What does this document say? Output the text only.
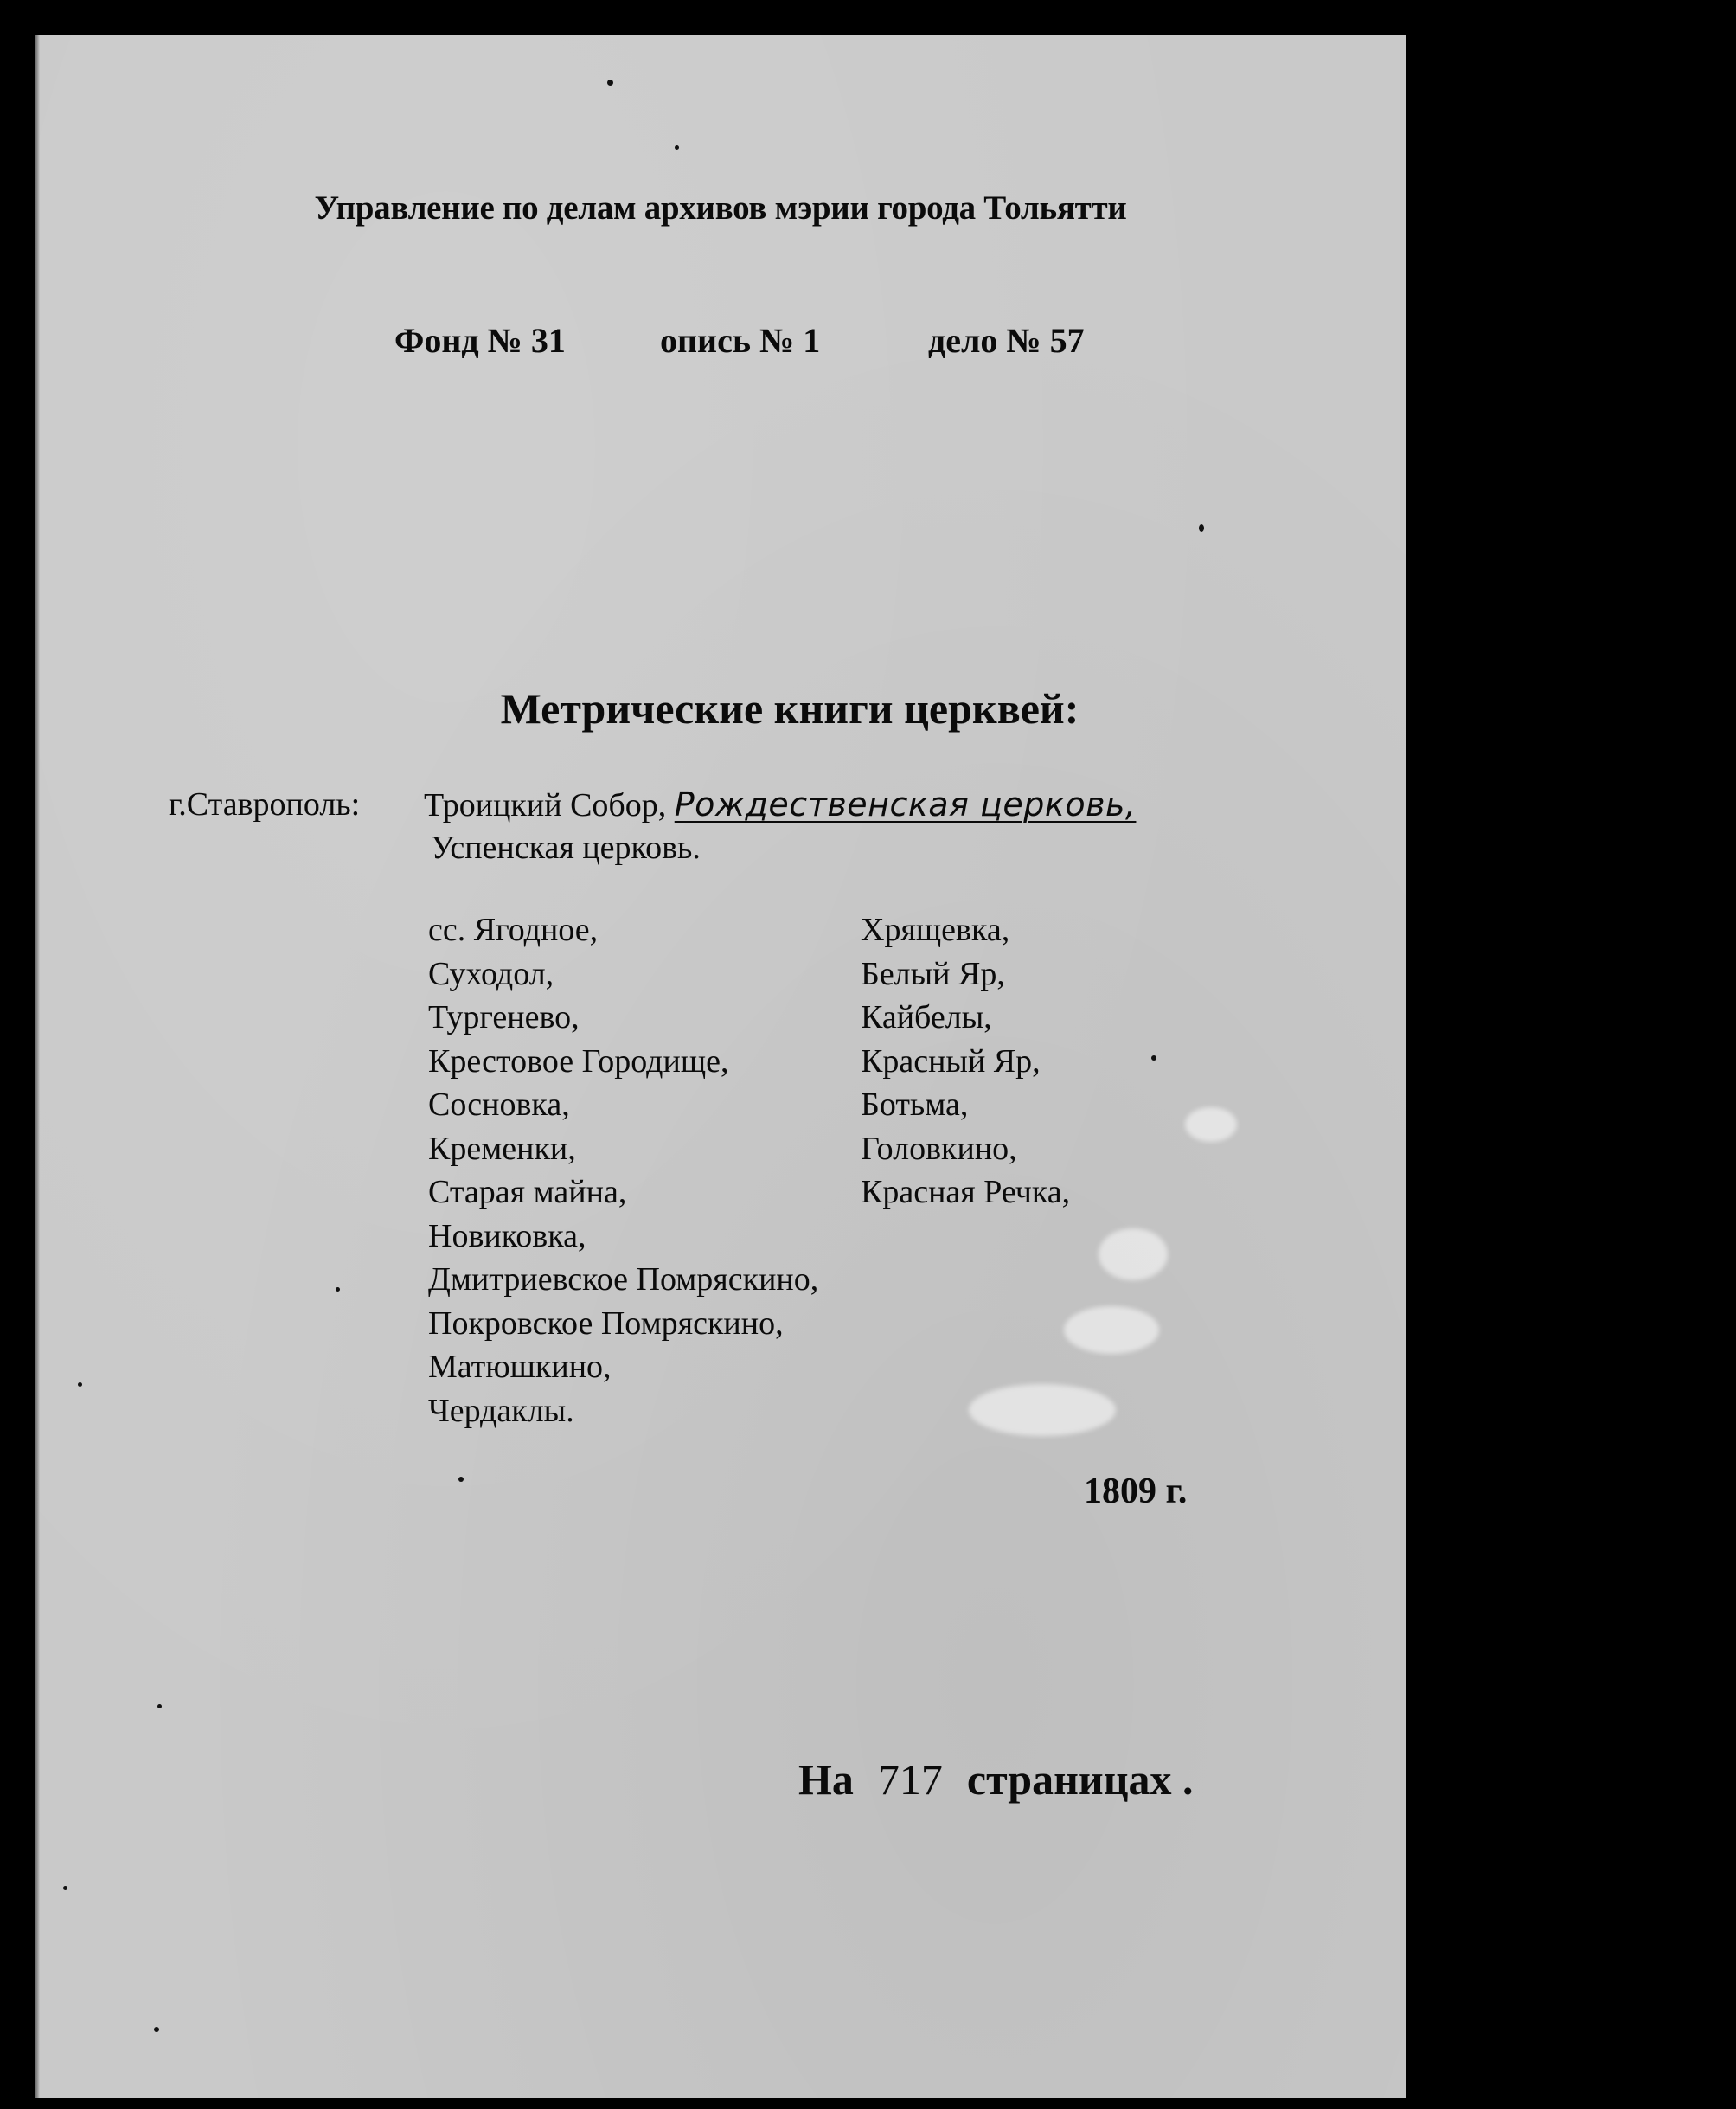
Управление по делам архивов мэрии города Тольятти
Фонд № 31	опись № 1	дело № 57
Метрические книги церквей:
г.Ставрополь: Троицкий Собор, Рождественская церковь,
Успенская церковь.
сс. Ягодное,
Суходол,
Тургенево,
Крестовое Городище,
Сосновка,
Кременки,
Старая майна,
Новиковка,
Дмитриевское Помряскино,
Покровское Помряскино,
Матюшкино,
Чердаклы.
Хрящевка,
Белый Яр,
Кайбелы,
Красный Яр,
Ботьма,
Головкино,
Красная Речка,
1809 г.
На 717 страницах .
